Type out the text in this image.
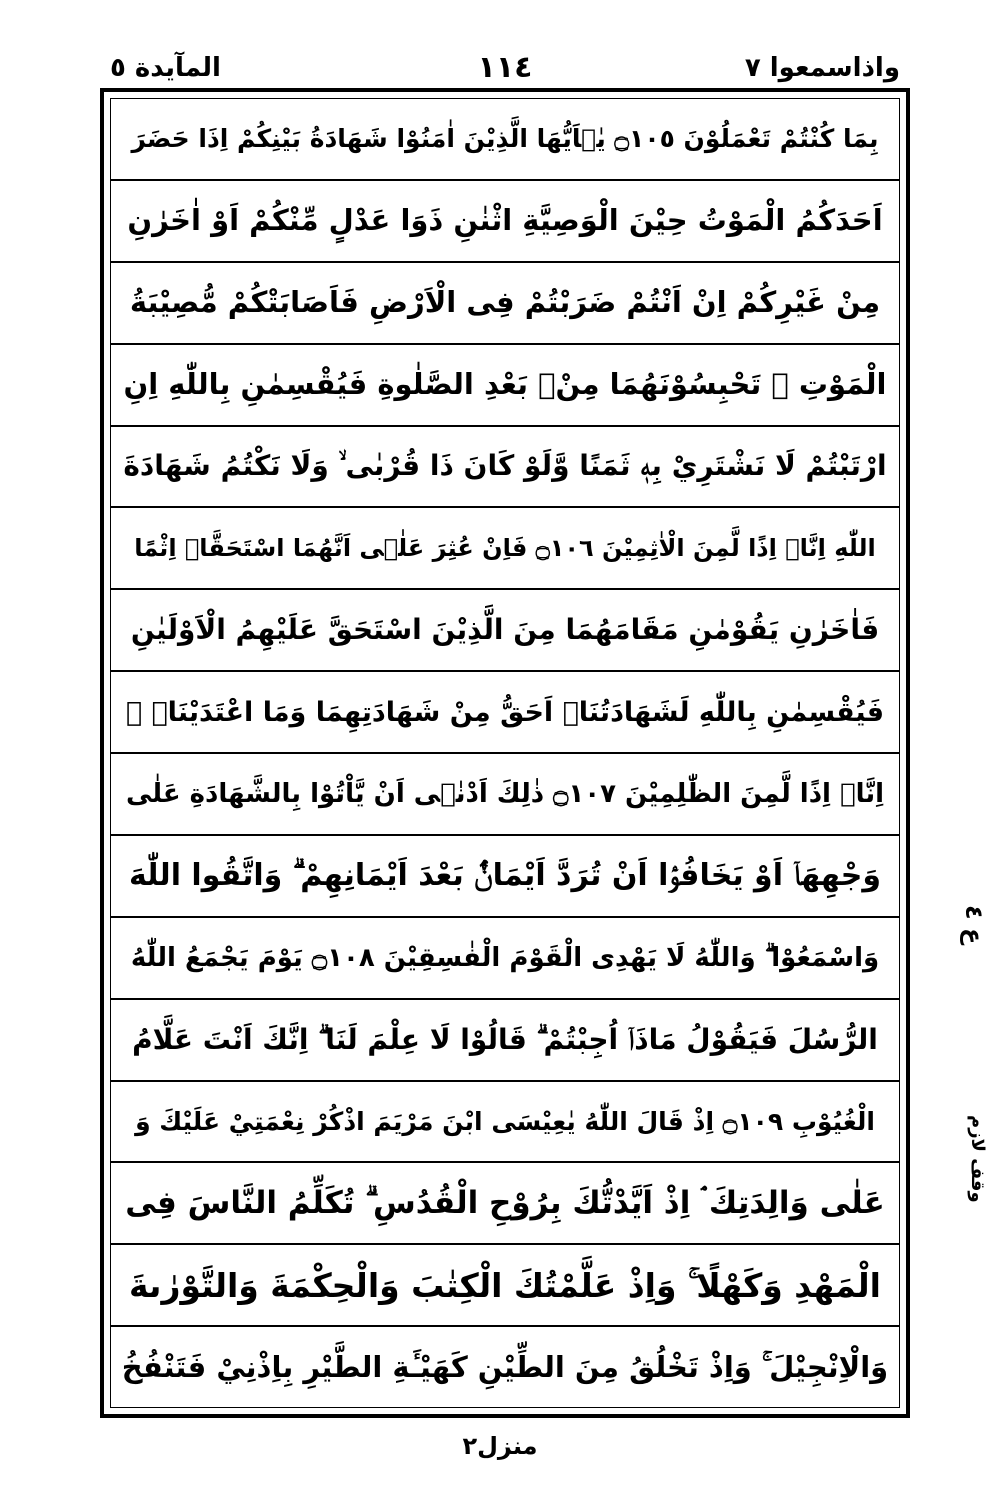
المآيدة ٥	١١٤	واذاسمعوا ٧
بِمَا كُنْتُمْ تَعْمَلُوْنَ ۝١٠٥ يٰۤاَيُّهَا الَّذِيْنَ اٰمَنُوْا شَهَادَةُ بَيْنِكُمْ اِذَا حَضَرَ
اَحَدَكُمُ الْمَوْتُ حِيْنَ الْوَصِيَّةِ اثْنٰنِ ذَوَا عَدْلٍ مِّنْكُمْ اَوْ اٰخَرٰنِ
مِنْ غَيْرِكُمْ اِنْ اَنْتُمْ ضَرَبْتُمْ فِى الْاَرْضِ فَاَصَابَتْكُمْ مُّصِيْبَةُ
الْمَوْتِ ۗ تَحْبِسُوْنَهُمَا مِنْۢ بَعْدِ الصَّلٰوةِ فَيُقْسِمٰنِ بِاللّٰهِ اِنِ
ارْتَبْتُمْ لَا نَشْتَرِيْ بِهٖ ثَمَنًا وَّلَوْ كَانَ ذَا قُرْبٰى ۙ وَلَا نَكْتُمُ شَهَادَةَ
اللّٰهِ اِنَّاۤ اِذًا لَّمِنَ الْاٰثِمِيْنَ ۝١٠٦ فَاِنْ عُثِرَ عَلٰۤى اَنَّهُمَا اسْتَحَقَّاۤ اِثْمًا
فَاٰخَرٰنِ يَقُوْمٰنِ مَقَامَهُمَا مِنَ الَّذِيْنَ اسْتَحَقَّ عَلَيْهِمُ الْاَوْلَيٰنِ
فَيُقْسِمٰنِ بِاللّٰهِ لَشَهَادَتُنَاۤ اَحَقُّ مِنْ شَهَادَتِهِمَا وَمَا اعْتَدَيْنَاۤ ۖ
اِنَّاۤ اِذًا لَّمِنَ الظّٰلِمِيْنَ ۝١٠٧ ذٰلِكَ اَدْنٰۤى اَنْ يَّاْتُوْا بِالشَّهَادَةِ عَلٰى
وَجْهِهَاۤ اَوْ يَخَافُوْۤا اَنْ تُرَدَّ اَيْمَانٌۢ بَعْدَ اَيْمَانِهِمْ ۗ وَاتَّقُوا اللّٰهَ
وَاسْمَعُوْا ۗ وَاللّٰهُ لَا يَهْدِى الْقَوْمَ الْفٰسِقِيْنَ ۝١٠٨ يَوْمَ يَجْمَعُ اللّٰهُ
الرُّسُلَ فَيَقُوْلُ مَاذَاۤ اُجِبْتُمْ ۗ قَالُوْا لَا عِلْمَ لَنَا ۗ اِنَّكَ اَنْتَ عَلَّامُ
الْغُيُوْبِ ۝١٠٩ اِذْ قَالَ اللّٰهُ يٰعِيْسَى ابْنَ مَرْيَمَ اذْكُرْ نِعْمَتِيْ عَلَيْكَ وَ
عَلٰى وَالِدَتِكَ ۘ اِذْ اَيَّدْتُّكَ بِرُوْحِ الْقُدُسِ ۗ تُكَلِّمُ النَّاسَ فِى
الْمَهْدِ وَكَهْلًا ۚ وَاِذْ عَلَّمْتُكَ الْكِتٰبَ وَالْحِكْمَةَ وَالتَّوْرٰىةَ
وَالْاِنْجِيْلَ ۚ وَاِذْ تَخْلُقُ مِنَ الطِّيْنِ كَهَيْـَٔةِ الطَّيْرِ بِاِذْنِيْ فَتَنْفُخُ
ع ٤
وقف لازم
منزل٢
